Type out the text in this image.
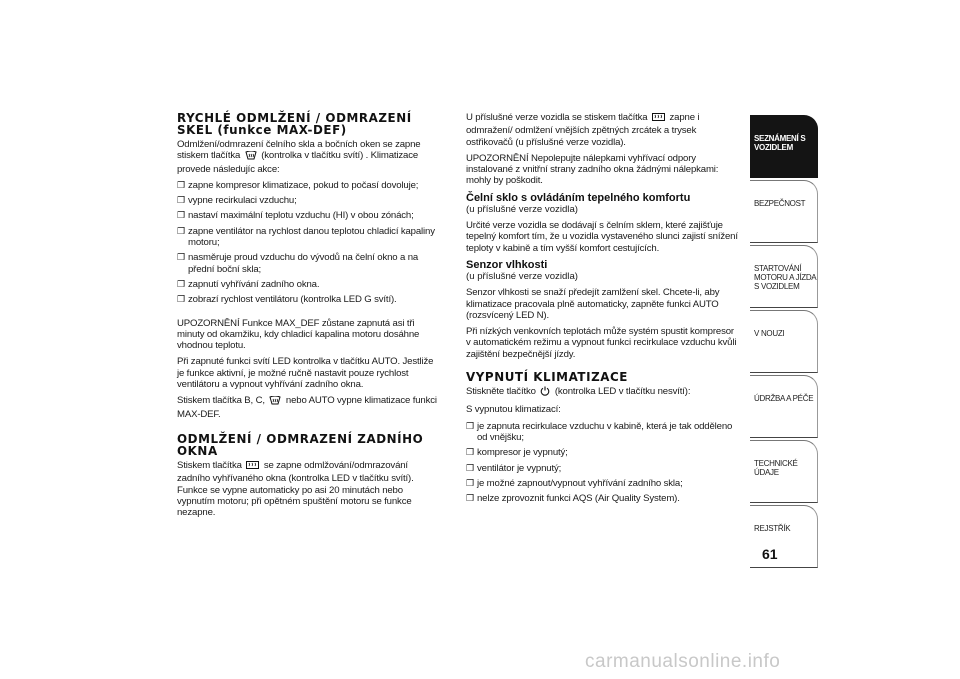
RYCHLÉ ODMLŽENÍ / ODMRAZENÍ SKEL (funkce MAX-DEF)

Odmlžení/odmrazení čelního skla a bočních oken se zapne stiskem tlačítka (kontrolka v tlačítku svítí) . Klimatizace provede následujíc akce:

❒ zapne kompresor klimatizace, pokud to počasí dovoluje;
❒ vypne recirkulaci vzduchu;
❒ nastaví maximální teplotu vzduchu (HI) v obou zónách;
❒ zapne ventilátor na rychlost danou teplotou chladicí kapaliny motoru;
❒ nasměruje proud vzduchu do vývodů na čelní okno a na přední boční skla;
❒ zapnutí vyhřívání zadního okna.
❒ zobrazí rychlost ventilátoru (kontrolka LED G svítí).

UPOZORNĚNÍ Funkce MAX_DEF zůstane zapnutá asi tři minuty od okamžiku, kdy chladicí kapalina motoru dosáhne vhodnou teplotu.

Při zapnuté funkci svítí LED kontrolka v tlačítku AUTO. Jestliže je funkce aktivní, je možné ručně nastavit pouze rychlost ventilátoru a vypnout vyhřívání zadního okna.

Stiskem tlačítka B, C, nebo AUTO vypne klimatizace funkci MAX-DEF.

ODMLŽENÍ / ODMRAZENÍ ZADNÍHO OKNA

Stiskem tlačítka se zapne odmlžování/odmrazování zadního vyhřívaného okna (kontrolka LED v tlačítku svítí). Funkce se vypne automaticky po asi 20 minutách nebo vypnutím motoru; při opětném spuštění motoru se funkce nezapne.

U příslušné verze vozidla se stiskem tlačítka zapne i odmražení/ odmlžení vnějších zpětných zrcátek a trysek ostřikovačů (u příslušné verze vozidla).

UPOZORNĚNÍ Nepolepujte nálepkami vyhřívací odpory instalované z vnitřní strany zadního okna žádnými nálepkami: mohly by poškodit.

Čelní sklo s ovládáním tepelného komfortu
(u příslušné verze vozidla)

Určité verze vozidla se dodávají s čelním sklem, které zajišťuje tepelný komfort tím, že u vozidla vystaveného slunci zajistí snížení teploty v kabině a tím vyšší komfort cestujících.

Senzor vlhkosti
(u příslušné verze vozidla)

Senzor vlhkosti se snaží předejít zamlžení skel. Chcete-li, aby klimatizace pracovala plně automaticky, zapněte funkci AUTO (rozsvícený LED N).

Při nízkých venkovních teplotách může systém spustit kompresor v automatickém režimu a vypnout funkci recirkulace vzduchu kvůli zajištění bezpečnější jízdy.

VYPNUTÍ KLIMATIZACE

Stiskněte tlačítko (kontrolka LED v tlačítku nesvítí):

S vypnutou klimatizací:

❒ je zapnuta recirkulace vzduchu v kabině, která je tak odděleno od vnějšku;
❒ kompresor je vypnutý;
❒ ventilátor je vypnutý;
❒ je možné zapnout/vypnout vyhřívání zadního skla;
❒ nelze zprovoznit funkci AQS (Air Quality System).
SEZNÁMENÍ S VOZIDLEM
BEZPEČNOST
STARTOVÁNÍ MOTORU A JÍZDA S VOZIDLEM
V NOUZI
ÚDRŽBA A PÉČE
TECHNICKÉ ÚDAJE
REJSTŘÍK
61
carmanualsonline.info
